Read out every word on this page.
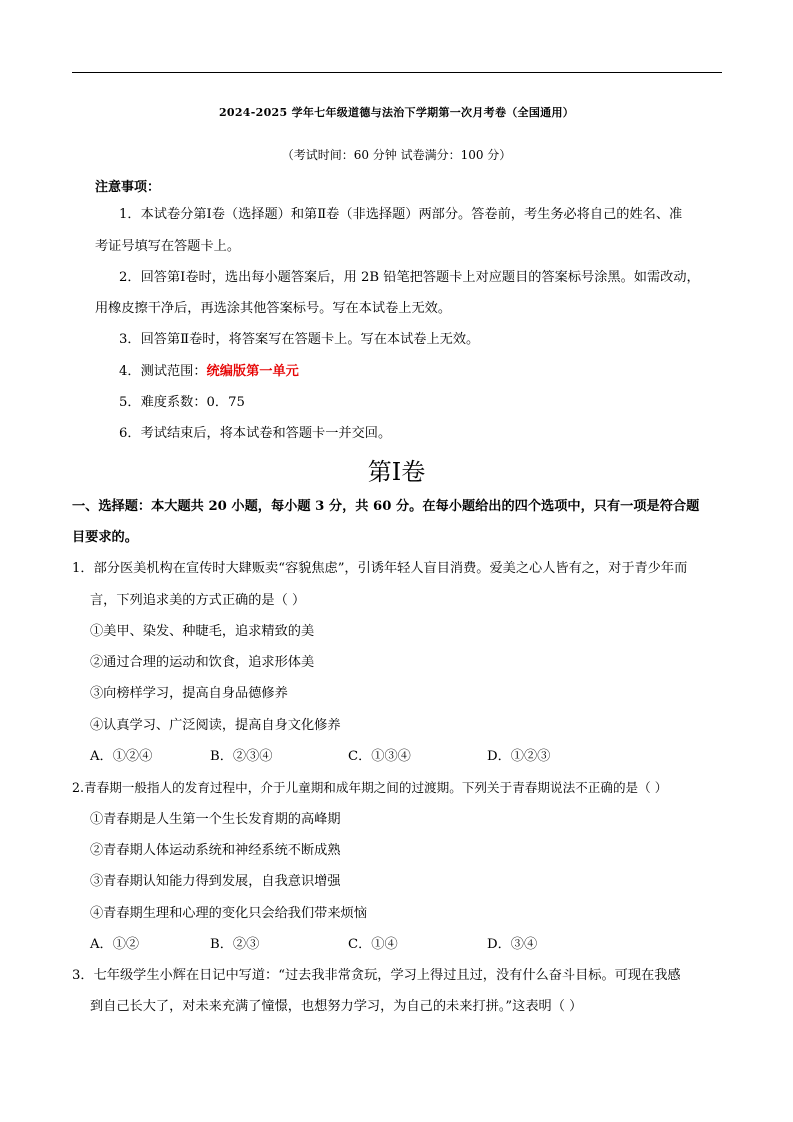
2024-2025 学年七年级道德与法治下学期第一次月考卷（全国通用）
（考试时间：60 分钟 试卷满分：100 分）
注意事项：
1．本试卷分第Ⅰ卷（选择题）和第Ⅱ卷（非选择题）两部分。答卷前，考生务必将自己的姓名、准
考证号填写在答题卡上。
2．回答第Ⅰ卷时，选出每小题答案后，用 2B 铅笔把答题卡上对应题目的答案标号涂黑。如需改动，
用橡皮擦干净后，再选涂其他答案标号。写在本试卷上无效。
3．回答第Ⅱ卷时，将答案写在答题卡上。写在本试卷上无效。
4．测试范围：统编版第一单元
5．难度系数：0．75
6．考试结束后，将本试卷和答题卡一并交回。
第Ⅰ卷
一、选择题：本大题共 20 小题，每小题 3 分，共 60 分。在每小题给出的四个选项中，只有一项是符合题
目要求的。
1．部分医美机构在宣传时大肆贩卖“容貌焦虑”，引诱年轻人盲目消费。爱美之心人皆有之，对于青少年而
言，下列追求美的方式正确的是（ ）
①美甲、染发、种睫毛，追求精致的美
②通过合理的运动和饮食，追求形体美
③向榜样学习，提高自身品德修养
④认真学习、广泛阅读，提高自身文化修养
A．①②④	B．②③④	C．①③④	D．①②③
2.青春期一般指人的发育过程中，介于儿童期和成年期之间的过渡期。下列关于青春期说法不正确的是（ ）
①青春期是人生第一个生长发育期的高峰期
②青春期人体运动系统和神经系统不断成熟
③青春期认知能力得到发展，自我意识增强
④青春期生理和心理的变化只会给我们带来烦恼
A．①②	B．②③	C．①④	D．③④
3．七年级学生小辉在日记中写道：“过去我非常贪玩，学习上得过且过，没有什么奋斗目标。可现在我感
到自己长大了，对未来充满了憧憬，也想努力学习，为自己的未来打拼。”这表明（ ）
